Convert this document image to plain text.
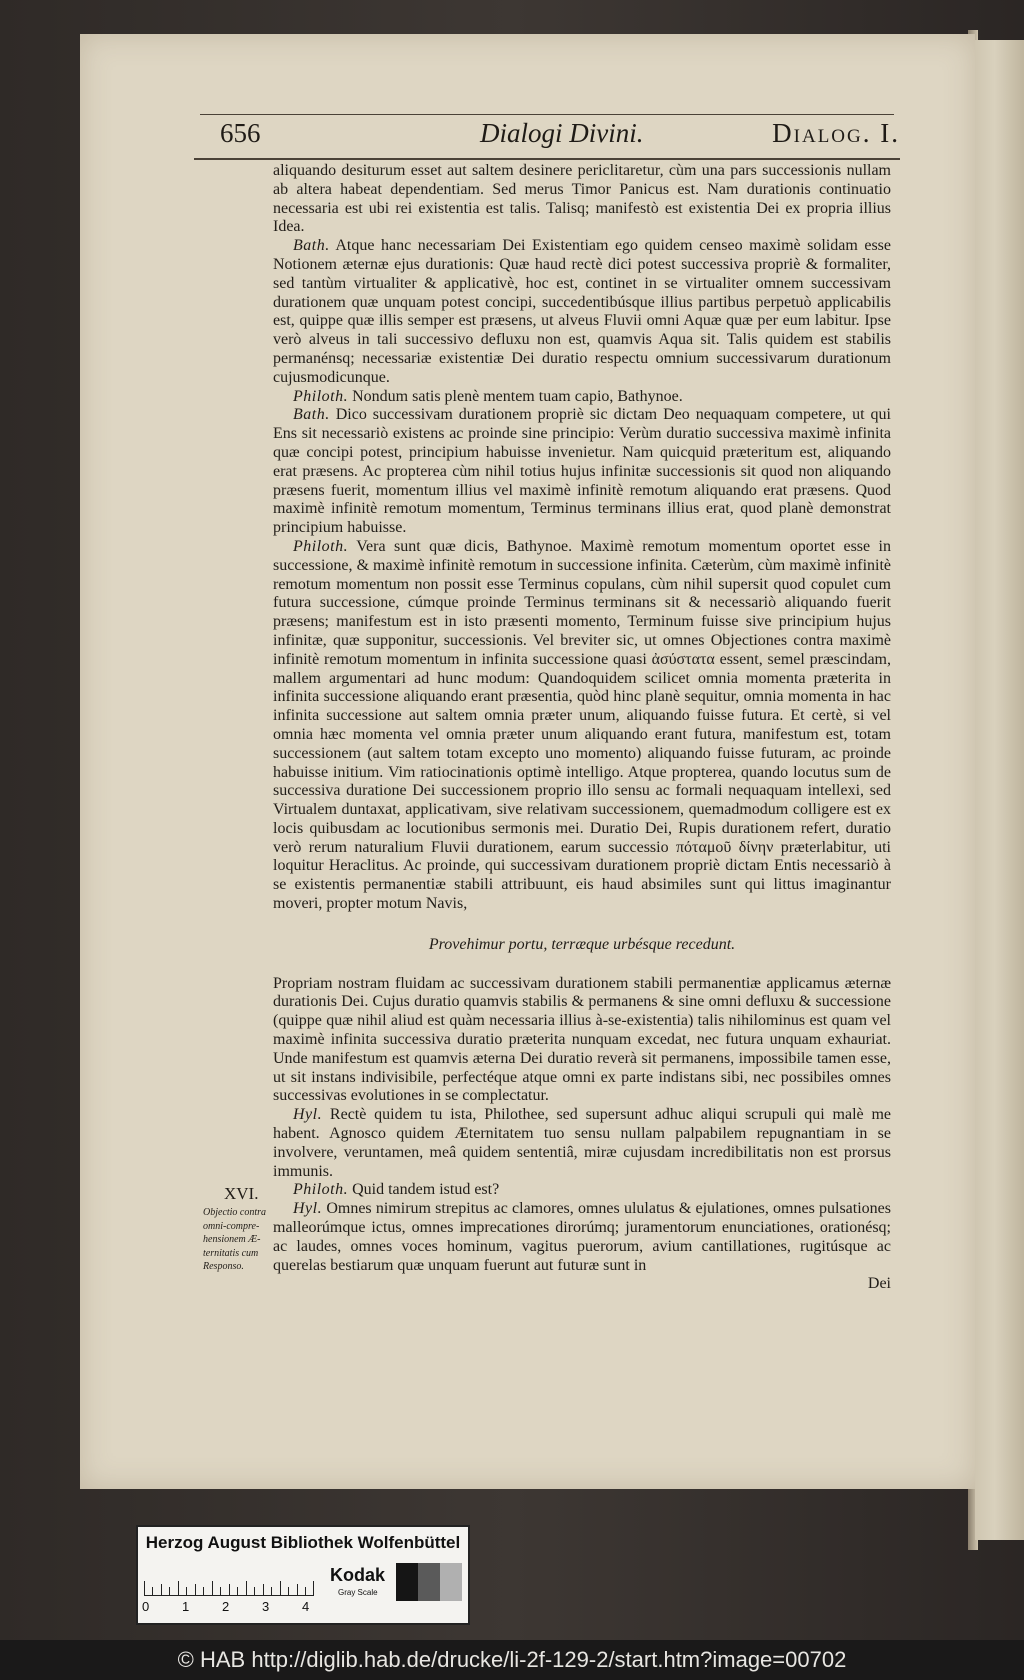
656	Dialogi Divini.	Dialog. I.

aliquando desiturum esset aut saltem desinere periclitaretur, cùm una pars successionis nullam ab altera habeat dependentiam. Sed merus Timor Panicus est. Nam durationis continuatio necessaria est ubi rei existentia est talis. Talisq; manifestò est existentia Dei ex propria illius Idea.

Bath. Atque hanc necessariam Dei Existentiam ego quidem censeo maximè solidam esse Notionem æternæ ejus durationis: Quæ haud rectè dici potest successiva propriè & formaliter, sed tantùm virtualiter & applicativè, hoc est, continet in se virtualiter omnem successivam durationem quæ unquam potest concipi, succedentibúsque illius partibus perpetuò applicabilis est, quippe quæ illis semper est præsens, ut alveus Fluvii omni Aquæ quæ per eum labitur. Ipse verò alveus in tali successivo defluxu non est, quamvis Aqua sit. Talis quidem est stabilis permanénsq; necessariæ existentiæ Dei duratio respectu omnium successivarum durationum cujusmodicunque.

Philoth. Nondum satis plenè mentem tuam capio, Bathynoe.

Bath. Dico successivam durationem propriè sic dictam Deo nequaquam competere, ut qui Ens sit necessariò existens ac proinde sine principio: Verùm duratio successiva maximè infinita quæ concipi potest, principium habuisse invenietur. Nam quicquid præteritum est, aliquando erat præsens. Ac propterea cùm nihil totius hujus infinitæ successionis sit quod non aliquando præsens fuerit, momentum illius vel maximè infinitè remotum aliquando erat præsens. Quod maximè infinitè remotum momentum, Terminus terminans illius erat, quod planè demonstrat principium habuisse.

Philoth. Vera sunt quæ dicis, Bathynoe. Maximè remotum momentum oportet esse in successione, & maximè infinitè remotum in successione infinita. Cæterùm, cùm maximè infinitè remotum momentum non possit esse Terminus copulans, cùm nihil supersit quod copulet cum futura successione, cúmque proinde Terminus terminans sit & necessariò aliquando fuerit præsens; manifestum est in isto præsenti momento, Terminum fuisse sive principium hujus infinitæ, quæ supponitur, successionis. Vel breviter sic, ut omnes Objectiones contra maximè infinitè remotum momentum in infinita successione quasi ἀσύστατα essent, semel præscindam, mallem argumentari ad hunc modum: Quandoquidem scilicet omnia momenta præterita in infinita successione aliquando erant præsentia, quòd hinc planè sequitur, omnia momenta in hac infinita successione aut saltem omnia præter unum, aliquando fuisse futura. Et certè, si vel omnia hæc momenta vel omnia præter unum aliquando erant futura, manifestum est, totam successionem (aut saltem totam excepto uno momento) aliquando fuisse futuram, ac proinde habuisse initium. Vim ratiocinationis optimè intelligo. Atque propterea, quando locutus sum de successiva duratione Dei successionem proprio illo sensu ac formali nequaquam intellexi, sed Virtualem duntaxat, applicativam, sive relativam successionem, quemadmodum colligere est ex locis quibusdam ac locutionibus sermonis mei. Duratio Dei, Rupis durationem refert, duratio verò rerum naturalium Fluvii durationem, earum successio πόταμοῦ δίνην præterlabitur, uti loquitur Heraclitus. Ac proinde, qui successivam durationem propriè dictam Entis necessariò à se existentis permanentiæ stabili attribuunt, eis haud absimiles sunt qui littus imaginantur moveri, propter motum Navis,

Provehimur portu, terræque urbésque recedunt.

Propriam nostram fluidam ac successivam durationem stabili permanentiæ applicamus æternæ durationis Dei. Cujus duratio quamvis stabilis & permanens & sine omni defluxu & successione (quippe quæ nihil aliud est quàm necessaria illius à-se-existentia) talis nihilominus est quam vel maximè infinita successiva duratio præterita nunquam excedat, nec futura unquam exhauriat. Unde manifestum est quamvis æterna Dei duratio reverà sit permanens, impossibile tamen esse, ut sit instans indivisibile, perfectéque atque omni ex parte indistans sibi, nec possibiles omnes successivas evolutiones in se complectatur.

Hyl. Rectè quidem tu ista, Philothee, sed supersunt adhuc aliqui scrupuli qui malè me habent. Agnosco quidem Æternitatem tuo sensu nullam palpabilem repugnantiam in se involvere, veruntamen, meâ quidem sententiâ, miræ cujusdam incredibilitatis non est prorsus immunis.

Philoth. Quid tandem istud est?

Hyl. Omnes nimirum strepitus ac clamores, omnes ululatus & ejulationes, omnes pulsationes malleorúmque ictus, omnes imprecationes dirorúmq; juramentorum enunciationes, orationésq; ac laudes, omnes voces hominum, vagitus puerorum, avium cantillationes, rugitúsque ac querelas bestiarum quæ unquam fuerunt aut futuræ sunt in

Dei

XVI.
Objectio contra omni-comprehensionem Æternitatis cum Responso.
Herzog August Bibliothek Wolfenbüttel
0	1	2	3	4
Kodak
Gray Scale
© HAB http://diglib.hab.de/drucke/li-2f-129-2/start.htm?image=00702
